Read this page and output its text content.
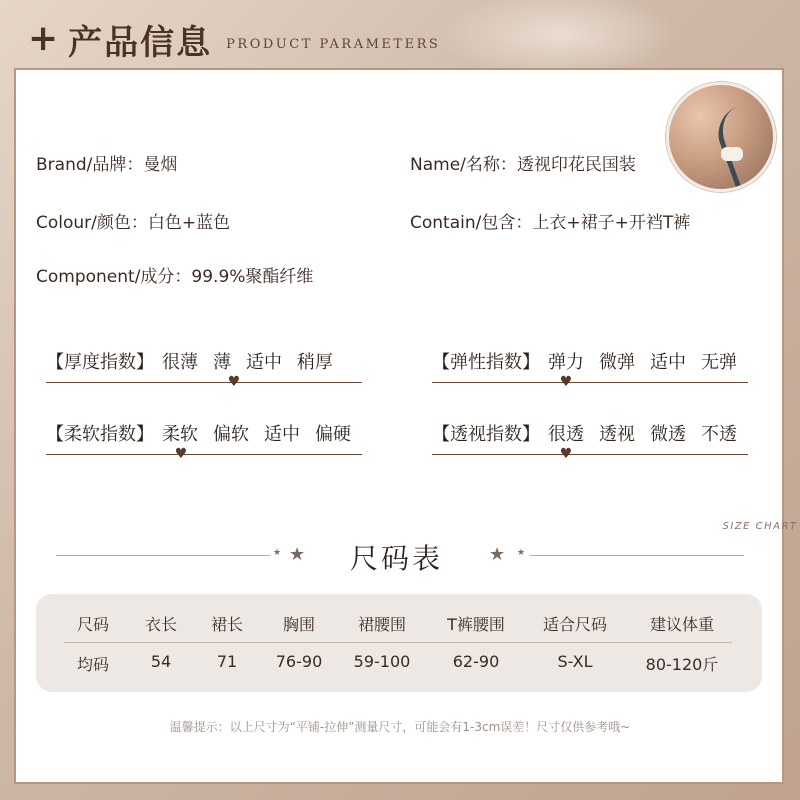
+ 产品信息 PRODUCT PARAMETERS
Brand/品牌：曼烟	Name/名称：透视印花民国装
Colour/颜色：白色+蓝色	Contain/包含：上衣+裙子+开裆T裤
Component/成分：99.9%聚酯纤维
【厚度指数】 很薄 薄 适中 稍厚
♥
【弹性指数】 弹力 微弹 适中 无弹
♥
【柔软指数】 柔软 偏软 适中 偏硬
♥
【透视指数】 很透 透视 微透 不透
♥
SIZE CHART
★ ★ 尺码表	★ ★
尺码	衣长	裙长	胸围	裙腰围	T裤腰围	适合尺码	建议体重
均码	54	71	76-90	59-100	62-90	S-XL	80-120斤
温馨提示：以上尺寸为“平铺-拉伸”测量尺寸，可能会有1-3cm误差！尺寸仅供参考哦~
